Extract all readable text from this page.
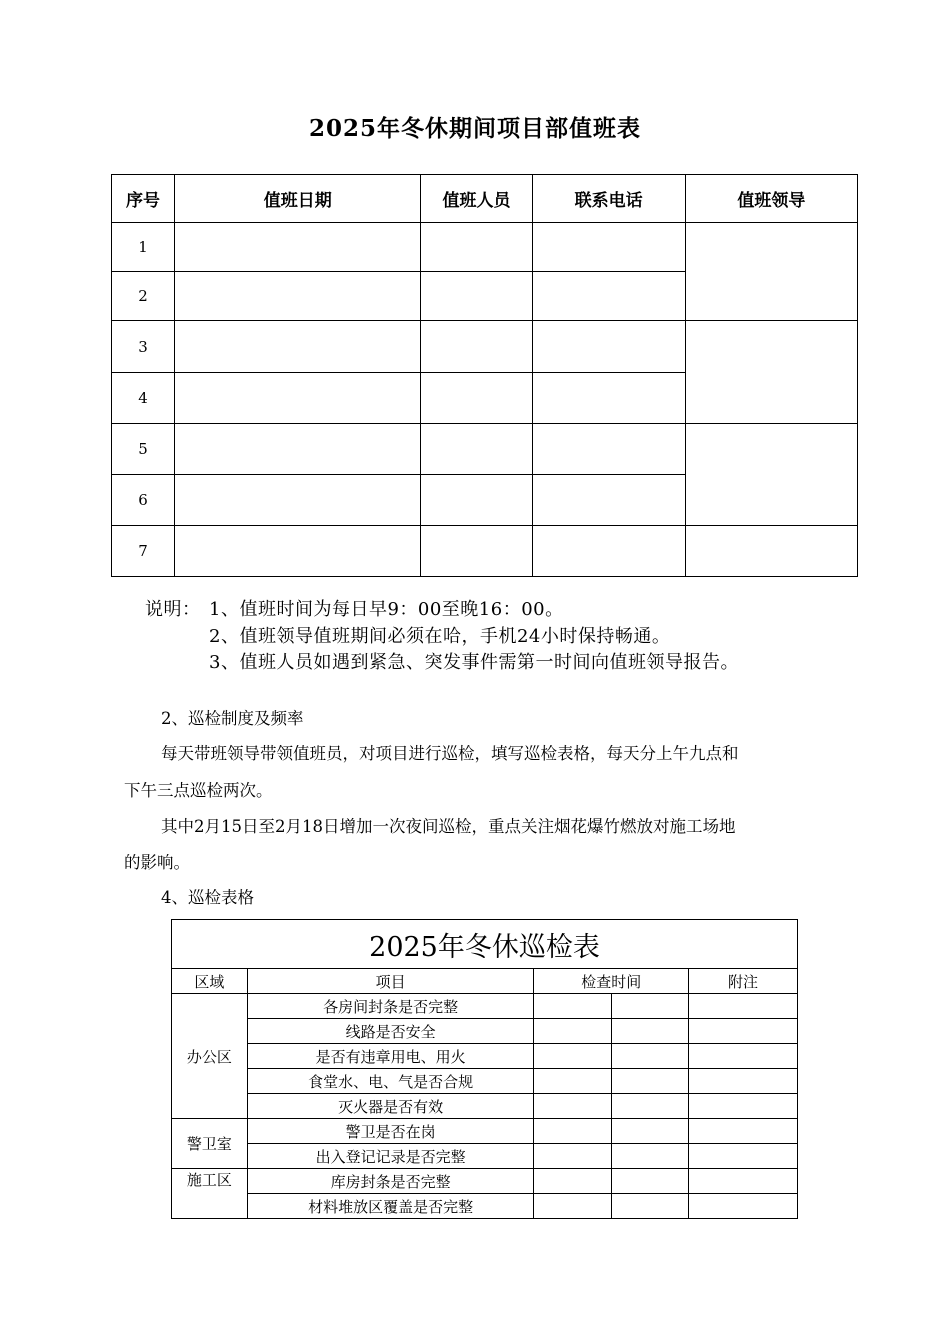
2025年冬休期间项目部值班表
序号	值班日期	值班人员	联系电话	值班领导
1				
2				
3				
4				
5				
6				
7				
说明： 1、值班时间为每日早9：00至晚16：00。
2、值班领导值班期间必须在哈，手机24小时保持畅通。
3、值班人员如遇到紧急、突发事件需第一时间向值班领导报告。
2、巡检制度及频率
每天带班领导带领值班员，对项目进行巡检，填写巡检表格，每天分上午九点和
下午三点巡检两次。
其中2月15日至2月18日增加一次夜间巡检，重点关注烟花爆竹燃放对施工场地
的影响。
4、巡检表格
2025年冬休巡检表				
区域	项目	检查时间		附注
办公区	各房间封条是否完整			
	线路是否安全			
	是否有违章用电、用火			
	食堂水、电、气是否合规			
	灭火器是否有效			
警卫室	警卫是否在岗			
	出入登记记录是否完整			
施工区	库房封条是否完整			
	材料堆放区覆盖是否完整			
